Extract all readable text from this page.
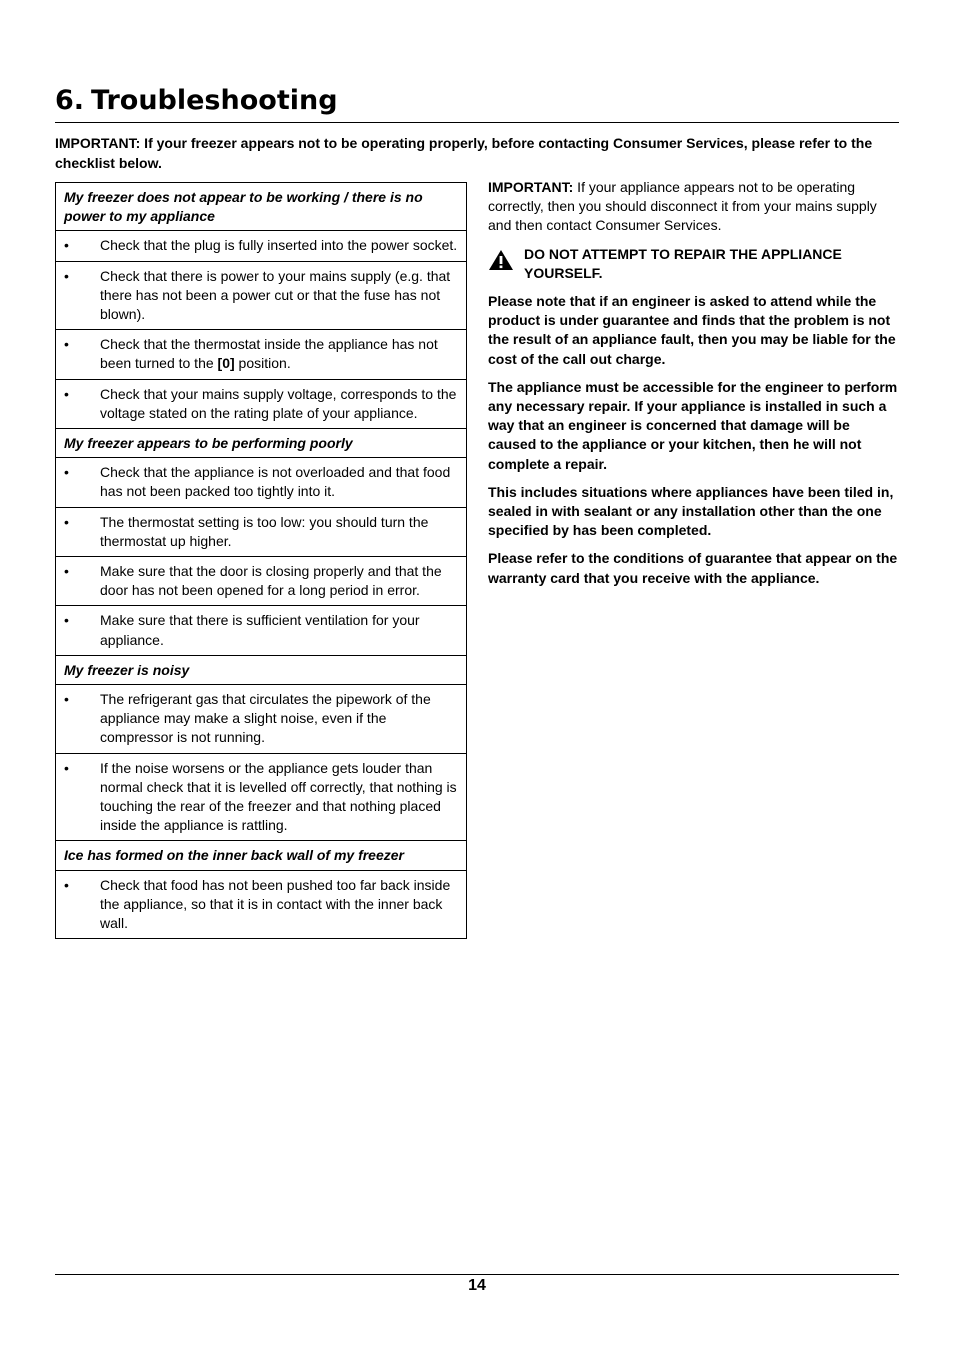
6. Troubleshooting
IMPORTANT: If your freezer appears not to be operating properly, before contacting Consumer Services, please refer to the checklist below.
My freezer does not appear to be working / there is no power to my appliance

•	Check that the plug is fully inserted into the power socket.

•	Check that there is power to your mains supply (e.g. that there has not been a power cut or that the fuse has not blown).

•	Check that the thermostat inside the appliance has not been turned to the [0] position.

•	Check that your mains supply voltage, corresponds to the voltage stated on the rating plate of your appliance.

My freezer appears to be performing poorly

•	Check that the appliance is not overloaded and that food has not been packed too tightly into it.

•	The thermostat setting is too low: you should turn the thermostat up higher.

•	Make sure that the door is closing properly and that the door has not been opened for a long period in error.

•	Make sure that there is sufficient ventilation for your appliance.

My freezer is noisy

•	The refrigerant gas that circulates the pipework of the appliance may make a slight noise, even if the compressor is not running.

•	If the noise worsens or the appliance gets louder than normal check that it is levelled off correctly, that nothing is touching the rear of the freezer and that nothing placed inside the appliance is rattling.

Ice has formed on the inner back wall of my freezer

•	Check that food has not been pushed too far back inside the appliance, so that it is in contact with the inner back wall.

IMPORTANT: If your appliance appears not to be operating correctly, then you should disconnect it from your mains supply and then contact Consumer Services.

DO NOT ATTEMPT TO REPAIR THE APPLIANCE YOURSELF.

Please note that if an engineer is asked to attend while the product is under guarantee and finds that the problem is not the result of an appliance fault, then you may be liable for the cost of the call out charge.

The appliance must be accessible for the engineer to perform any necessary repair. If your appliance is installed in such a way that an engineer is concerned that damage will be caused to the appliance or your kitchen, then he will not complete a repair.

This includes situations where appliances have been tiled in, sealed in with sealant or any installation other than the one specified by has been completed.

Please refer to the conditions of guarantee that appear on the warranty card that you receive with the appliance.

14
